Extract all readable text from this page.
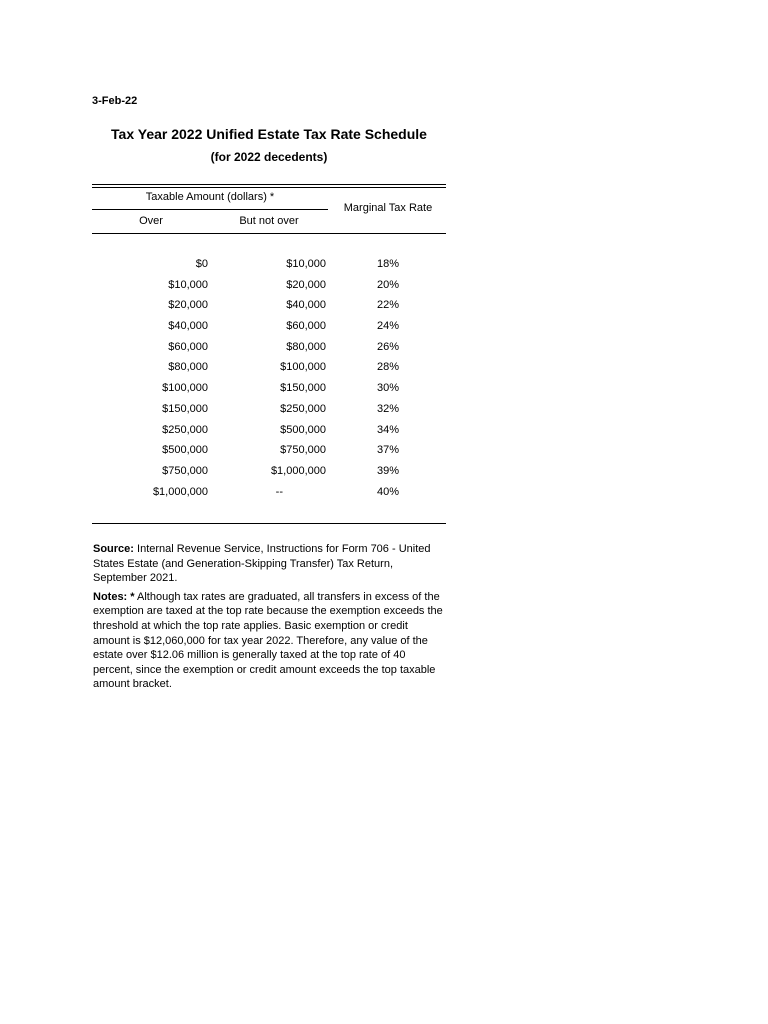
3-Feb-22
Tax Year 2022 Unified Estate Tax Rate Schedule
(for 2022 decedents)
Taxable Amount (dollars) *
Over	But not over
Marginal Tax Rate
$0	$10,000	18%
$10,000	$20,000	20%
$20,000	$40,000	22%
$40,000	$60,000	24%
$60,000	$80,000	26%
$80,000	$100,000	28%
$100,000	$150,000	30%
$150,000	$250,000	32%
$250,000	$500,000	34%
$500,000	$750,000	37%
$750,000	$1,000,000	39%
$1,000,000	--	40%

Source: Internal Revenue Service, Instructions for Form 706 - United States Estate (and Generation-Skipping Transfer) Tax Return, September 2021.

Notes: * Although tax rates are graduated, all transfers in excess of the exemption are taxed at the top rate because the exemption exceeds the threshold at which the top rate applies. Basic exemption or credit amount is $12,060,000 for tax year 2022. Therefore, any value of the estate over $12.06 million is generally taxed at the top rate of 40 percent, since the exemption or credit amount exceeds the top taxable amount bracket.
